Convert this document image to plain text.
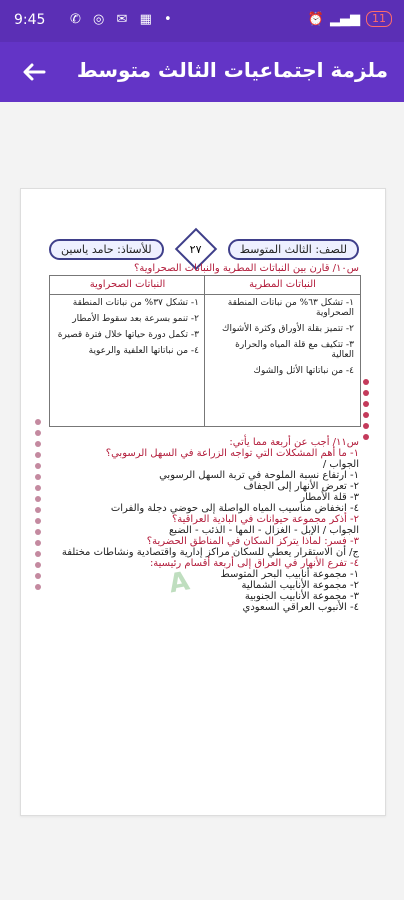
9:45 ✆ ◎ ✉ ▦ •	⏰ ▂▄▆	11
ملزمة اجتماعيات الثالث متوسط
للأستاذ: حامد ياسين	٢٧	للصف: الثالث المتوسط
س١٠/ قارن بين النباتات المطرية والنباتات الصحراوية؟
النباتات المطرية
١- تشكل ٦٣% من نباتات المنطقة الصحراوية
٢- تتميز بقلة الأوراق وكثرة الأشواك
٣- تتكيف مع قلة المياه والحرارة العالية
٤- من نباتاتها الأثل والشوك
النباتات الصحراوية
١- تشكل ٣٧% من نباتات المنطقة
٢- تنمو بسرعة بعد سقوط الأمطار
٣- تكمل دورة حياتها خلال فترة قصيرة
٤- من نباتاتها العلفية والرعوية
س١١/ أجب عن أربعة مما يأتي:
١- ما أهم المشكلات التي تواجه الزراعة في السهل الرسوبي؟
الجواب /
١- ارتفاع نسبة الملوحة في تربة السهل الرسوبي
٢- تعرض الأنهار إلى الجفاف
٣- قلة الأمطار
٤- انخفاض مناسيب المياه الواصلة إلى حوضي دجلة والفرات
٢- أذكر مجموعة حيوانات في البادية العراقية؟
الجواب / الإبل - الغزال - المها - الذئب - الضبع
٣- فسر: لماذا يتركز السكان في المناطق الحضرية؟
ج/ أن الاستقرار يعطي للسكان مراكز إدارية واقتصادية ونشاطات مختلفة
٤- تفرع الأنهار في العراق إلى أربعة أقسام رئيسية:
١- مجموعة أنابيب البحر المتوسط
٢- مجموعة الأنابيب الشمالية
٣- مجموعة الأنابيب الجنوبية
٤- الأنبوب العراقي السعودي
A
